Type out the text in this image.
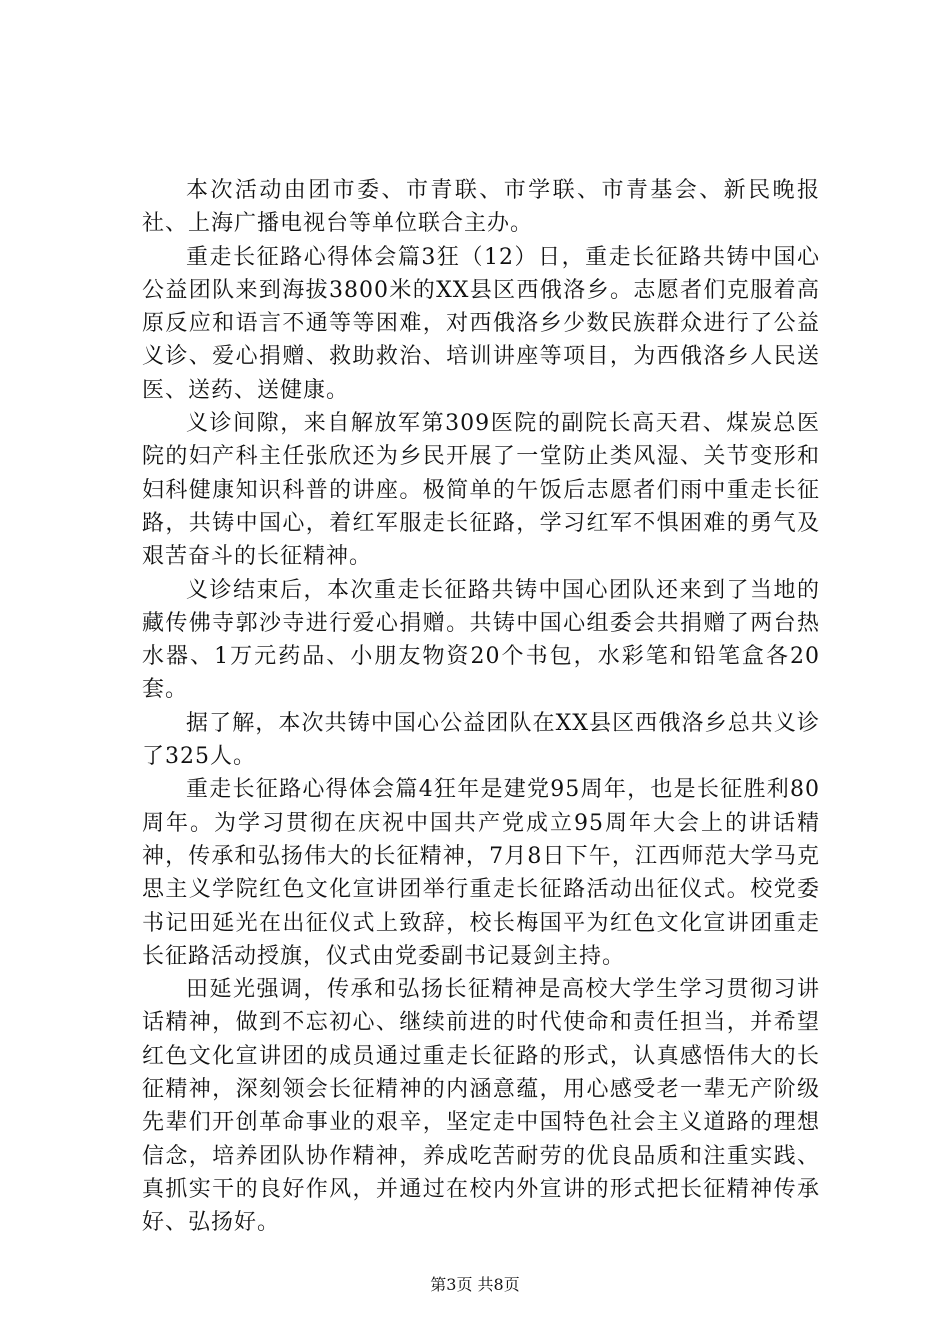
本次活动由团市委、市青联、市学联、市青基会、新民晚报社、上海广播电视台等单位联合主办。

重走长征路心得体会篇3狂（12）日，重走长征路共铸中国心公益团队来到海拔3800米的XX县区西俄洛乡。志愿者们克服着高原反应和语言不通等等困难，对西俄洛乡少数民族群众进行了公益义诊、爱心捐赠、救助救治、培训讲座等项目，为西俄洛乡人民送医、送药、送健康。

义诊间隙，来自解放军第309医院的副院长高天君、煤炭总医院的妇产科主任张欣还为乡民开展了一堂防止类风湿、关节变形和妇科健康知识科普的讲座。极简单的午饭后志愿者们雨中重走长征路，共铸中国心，着红军服走长征路，学习红军不惧困难的勇气及艰苦奋斗的长征精神。

义诊结束后，本次重走长征路共铸中国心团队还来到了当地的藏传佛寺郭沙寺进行爱心捐赠。共铸中国心组委会共捐赠了两台热水器、1万元药品、小朋友物资20个书包，水彩笔和铅笔盒各20套。

据了解，本次共铸中国心公益团队在XX县区西俄洛乡总共义诊了325人。

重走长征路心得体会篇4狂年是建党95周年，也是长征胜利80周年。为学习贯彻在庆祝中国共产党成立95周年大会上的讲话精神，传承和弘扬伟大的长征精神，7月8日下午，江西师范大学马克思主义学院红色文化宣讲团举行重走长征路活动出征仪式。校党委书记田延光在出征仪式上致辞，校长梅国平为红色文化宣讲团重走长征路活动授旗，仪式由党委副书记聂剑主持。

田延光强调，传承和弘扬长征精神是高校大学生学习贯彻习讲话精神，做到不忘初心、继续前进的时代使命和责任担当，并希望红色文化宣讲团的成员通过重走长征路的形式，认真感悟伟大的长征精神，深刻领会长征精神的内涵意蕴，用心感受老一辈无产阶级先辈们开创革命事业的艰辛，坚定走中国特色社会主义道路的理想信念，培养团队协作精神，养成吃苦耐劳的优良品质和注重实践、真抓实干的良好作风，并通过在校内外宣讲的形式把长征精神传承好、弘扬好。

第3页 共8页
